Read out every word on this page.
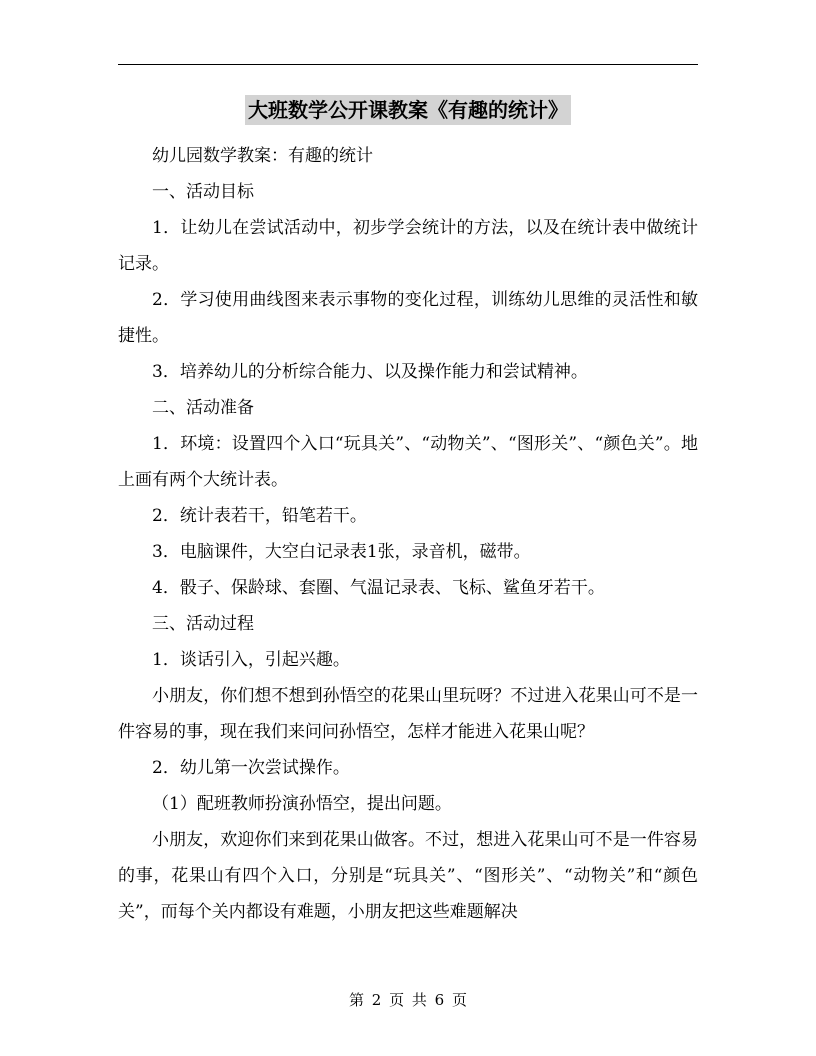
大班数学公开课教案《有趣的统计》

幼儿园数学教案：有趣的统计

一、活动目标

1．让幼儿在尝试活动中，初步学会统计的方法，以及在统计表中做统计记录。

2．学习使用曲线图来表示事物的变化过程，训练幼儿思维的灵活性和敏捷性。

3．培养幼儿的分析综合能力、以及操作能力和尝试精神。

二、活动准备

1．环境：设置四个入口“玩具关”、“动物关”、“图形关”、“颜色关”。地上画有两个大统计表。

2．统计表若干，铅笔若干。

3．电脑课件，大空白记录表1张，录音机，磁带。

4．骰子、保龄球、套圈、气温记录表、飞标、鲨鱼牙若干。

三、活动过程

1．谈话引入，引起兴趣。

小朋友，你们想不想到孙悟空的花果山里玩呀？不过进入花果山可不是一件容易的事，现在我们来问问孙悟空，怎样才能进入花果山呢？

2．幼儿第一次尝试操作。

（1）配班教师扮演孙悟空，提出问题。

小朋友，欢迎你们来到花果山做客。不过，想进入花果山可不是一件容易的事，花果山有四个入口，分别是“玩具关”、“图形关”、“动物关”和“颜色关”，而每个关内都设有难题，小朋友把这些难题解决

第 2 页 共 6 页
